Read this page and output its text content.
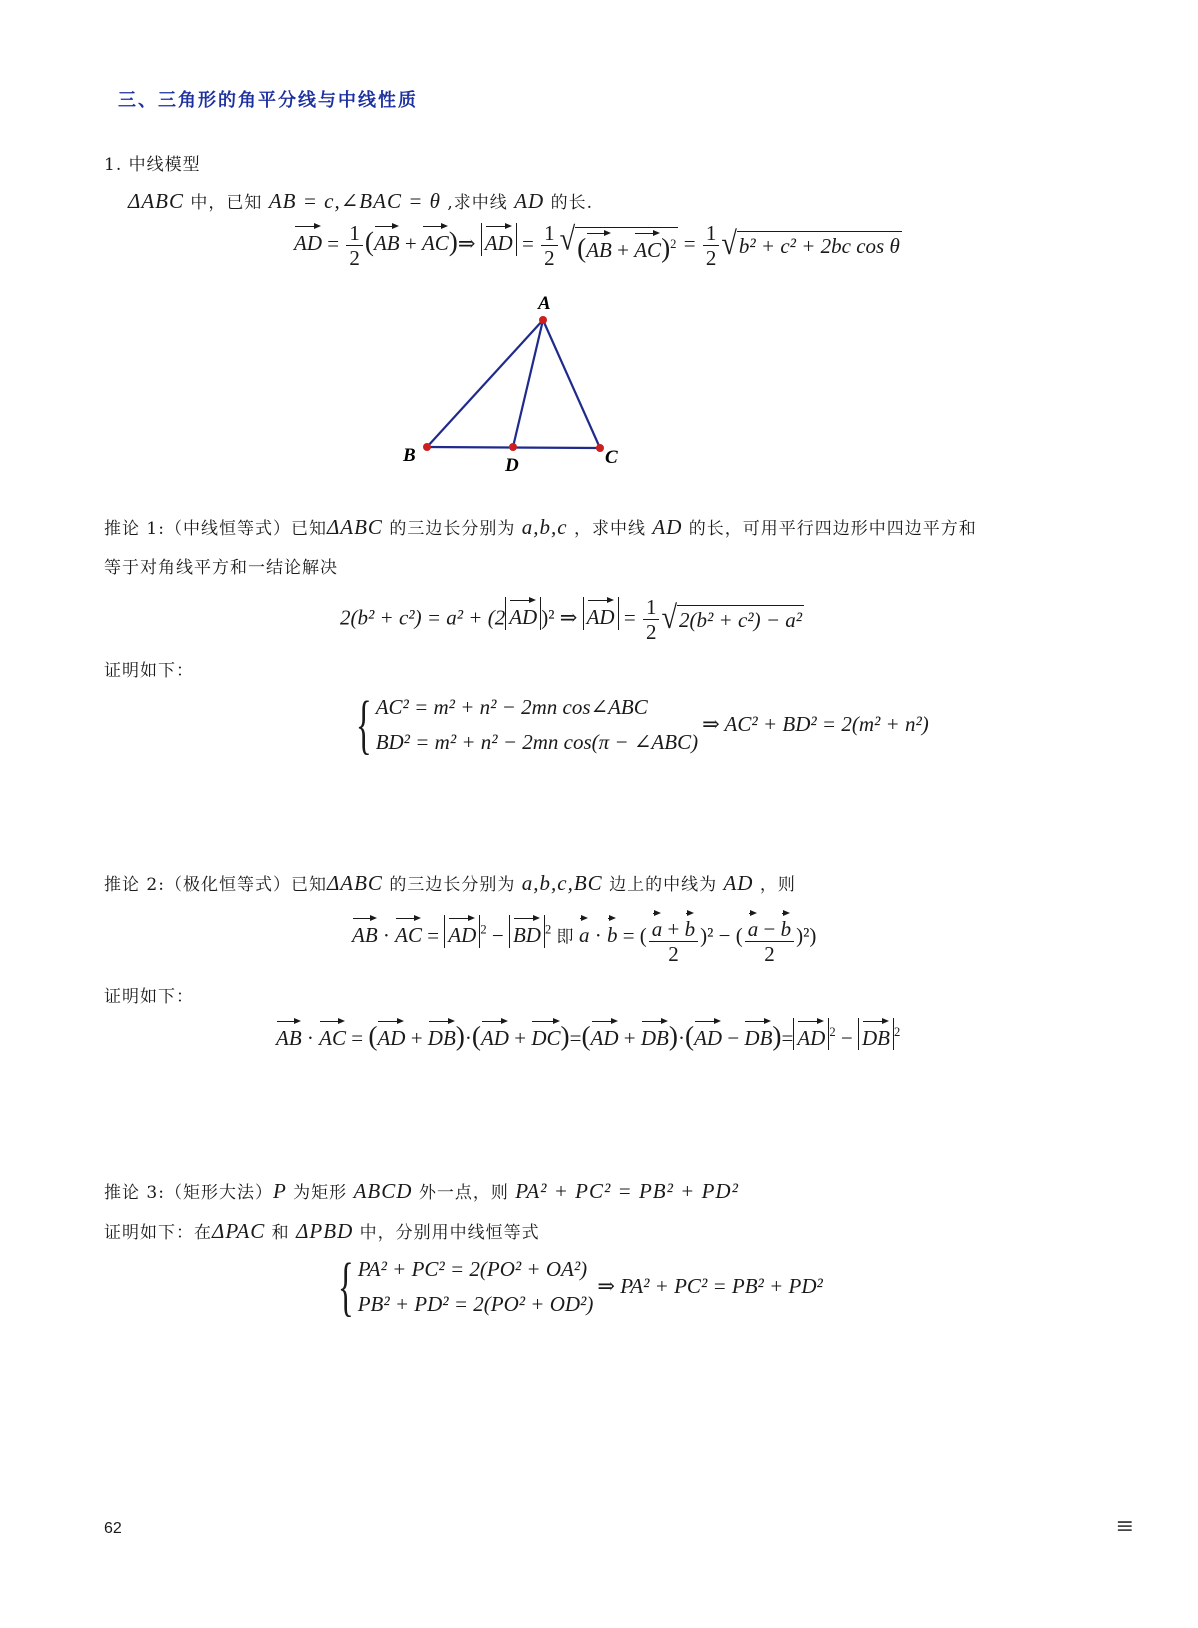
三、三角形的角平分线与中线性质
1. 中线模型
ΔABC 中，已知 AB = c,∠BAC = θ ,求中线 AD 的长.
AD = $\frac{1}{2} (AB$ + AC)⇒ AD = $\frac{1}{2}$ √ $(AB + AC)^2 = \frac{1}{2}$ √ b² + c² + 2bc cos θ
A
B	D	C
推论 1:（中线恒等式）已知ΔABC 的三边长分别为 a,b,c ，求中线 AD 的长，可用平行四边形中四边平方和
等于对角线平方和一结论解决
2(b² + c²) = a² + (2 AD )² ⇒ AD = $\frac{1}{2}$ √ 2(b² + c²) − a²
证明如下：
{ AC² = m² + n² − 2mn cos∠ABC
BD² = m² + n² − 2mn cos(π − ∠ABC)
⇒ AC² + BD² = 2(m² + n²)
推论 2:（极化恒等式）已知ΔABC 的三边长分别为 a,b,c,BC 边上的中线为 AD ，则
AB · AC = AD $^2$ − BD $^2$ 即 a · b = ( $\frac{a + b}{2} )^2$ − ( $\frac{a - b}{2} )^2$)
证明如下：
AB · AC = (AD + DB)·(AD + DC)=(AD + DB)·(AD − DB)= AD $^2$ − DB $^2$
推论 3:（矩形大法）P 为矩形 ABCD 外一点，则 PA² + PC² = PB² + PD²
证明如下：在ΔPAC 和 ΔPBD 中，分别用中线恒等式
{ PA² + PC² = 2(PO² + OA²)
PB² + PD² = 2(PO² + OD²)
⇒ PA² + PC² = PB² + PD²
62	≡
